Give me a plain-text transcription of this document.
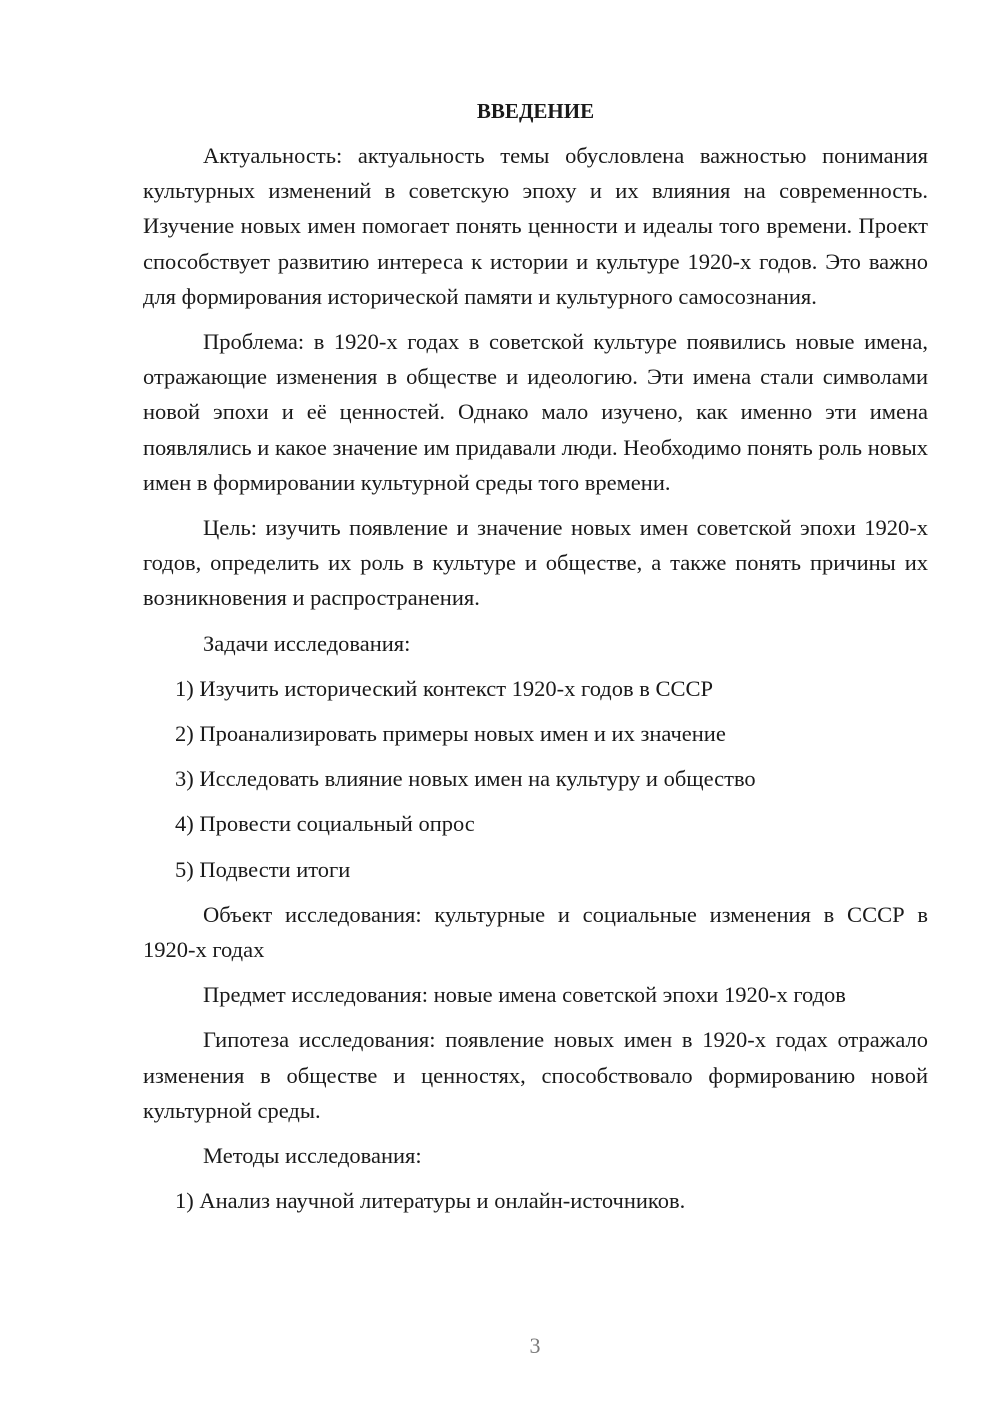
ВВЕДЕНИЕ

Актуальность: актуальность темы обусловлена важностью понимания культурных изменений в советскую эпоху и их влияния на современность. Изучение новых имен помогает понять ценности и идеалы того времени. Проект способствует развитию интереса к истории и культуре 1920-х годов. Это важно для формирования исторической памяти и культурного самосознания.

Проблема: в 1920-х годах в советской культуре появились новые имена, отражающие изменения в обществе и идеологию. Эти имена стали символами новой эпохи и её ценностей. Однако мало изучено, как именно эти имена появлялись и какое значение им придавали люди. Необходимо понять роль новых имен в формировании культурной среды того времени.

Цель: изучить появление и значение новых имен советской эпохи 1920-х годов, определить их роль в культуре и обществе, а также понять причины их возникновения и распространения.

Задачи исследования:

1) Изучить исторический контекст 1920-х годов в СССР
2) Проанализировать примеры новых имен и их значение
3) Исследовать влияние новых имен на культуру и общество
4) Провести социальный опрос
5) Подвести итоги

Объект исследования: культурные и социальные изменения в СССР в 1920-х годах

Предмет исследования: новые имена советской эпохи 1920-х годов

Гипотеза исследования: появление новых имен в 1920-х годах отражало изменения в обществе и ценностях, способствовало формированию новой культурной среды.

Методы исследования:

1) Анализ научной литературы и онлайн-источников.
3
